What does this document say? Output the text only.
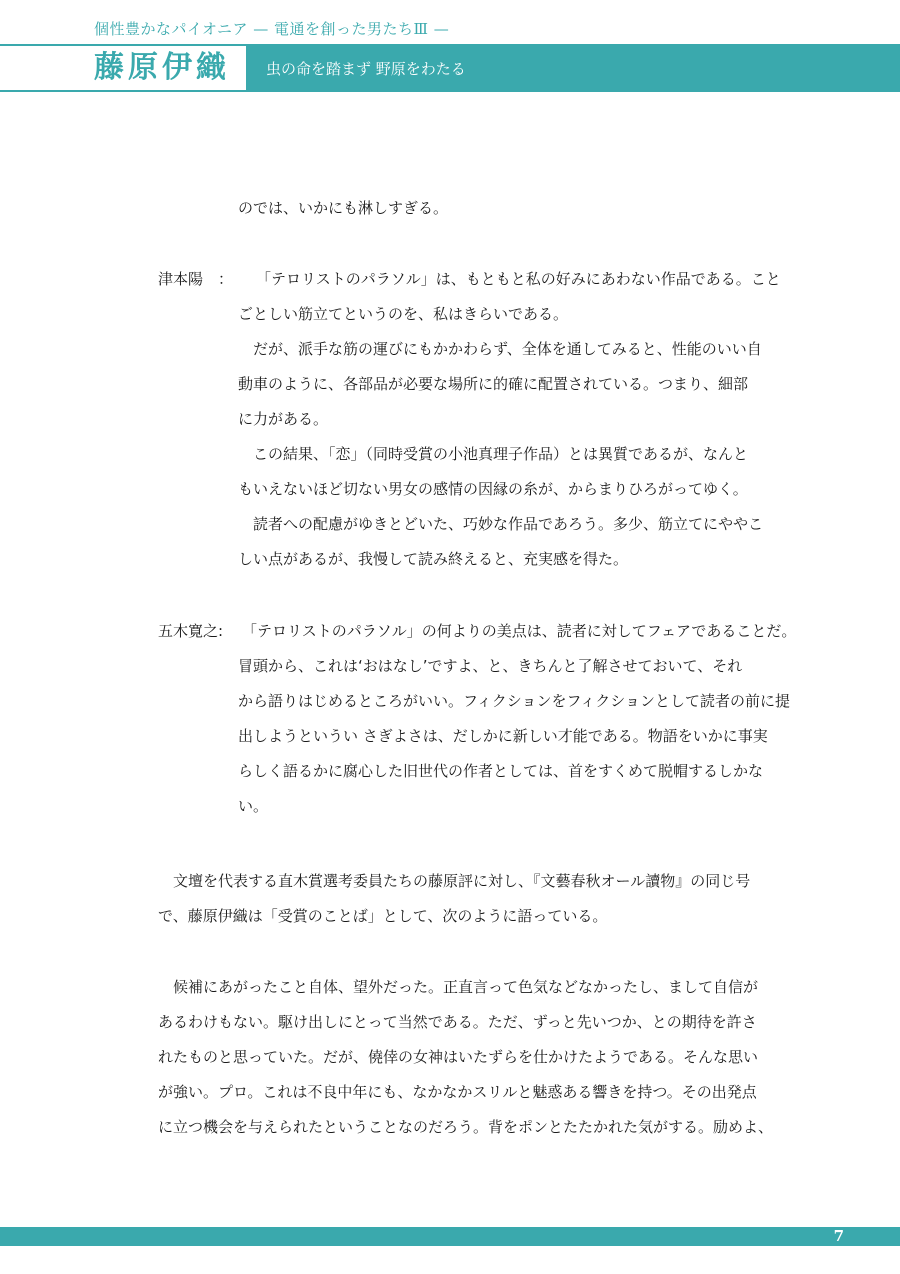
個性豊かなパイオニア — 電通を創った男たちⅢ —
藤原伊織 虫の命を踏まず 野原をわたる
のでは、いかにも淋しすぎる。
津本陽　： 「テロリストのパラソル」は、もともと私の好みにあわない作品である。こと
ごとしい筋立てというのを、私はきらいである。
　だが、派手な筋の運びにもかかわらず、全体を通してみると、性能のいい自
動車のように、各部品が必要な場所に的確に配置されている。つまり、細部
に力がある。
　この結果、「恋」（同時受賞の小池真理子作品）とは異質であるが、なんと
もいえないほど切ない男女の感情の因縁の糸が、からまりひろがってゆく。
　読者への配慮がゆきとどいた、巧妙な作品であろう。多少、筋立てにややこ
しい点があるが、我慢して読み終えると、充実感を得た。
五木寛之: 「テロリストのパラソル」の何よりの美点は、読者に対してフェアであることだ。
冒頭から、これは‘おはなし’ですよ、と、きちんと了解させておいて、それ
から語りはじめるところがいい。フィクションをフィクションとして読者の前に提
出しようというい さぎよさは、だしかに新しい才能である。物語をいかに事実
らしく語るかに腐心した旧世代の作者としては、首をすくめて脱帽するしかな
い。
　文壇を代表する直木賞選考委員たちの藤原評に対し、『文藝春秋オール讀物』の同じ号
で、藤原伊織は「受賞のことば」として、次のように語っている。
　候補にあがったこと自体、望外だった。正直言って色気などなかったし、まして自信が
あるわけもない。駆け出しにとって当然である。ただ、ずっと先いつか、との期待を許さ
れたものと思っていた。だが、僥倖の女神はいたずらを仕かけたようである。そんな思い
が強い。プロ。これは不良中年にも、なかなかスリルと魅惑ある響きを持つ。その出発点
に立つ機会を与えられたということなのだろう。背をポンとたたかれた気がする。励めよ、
7
